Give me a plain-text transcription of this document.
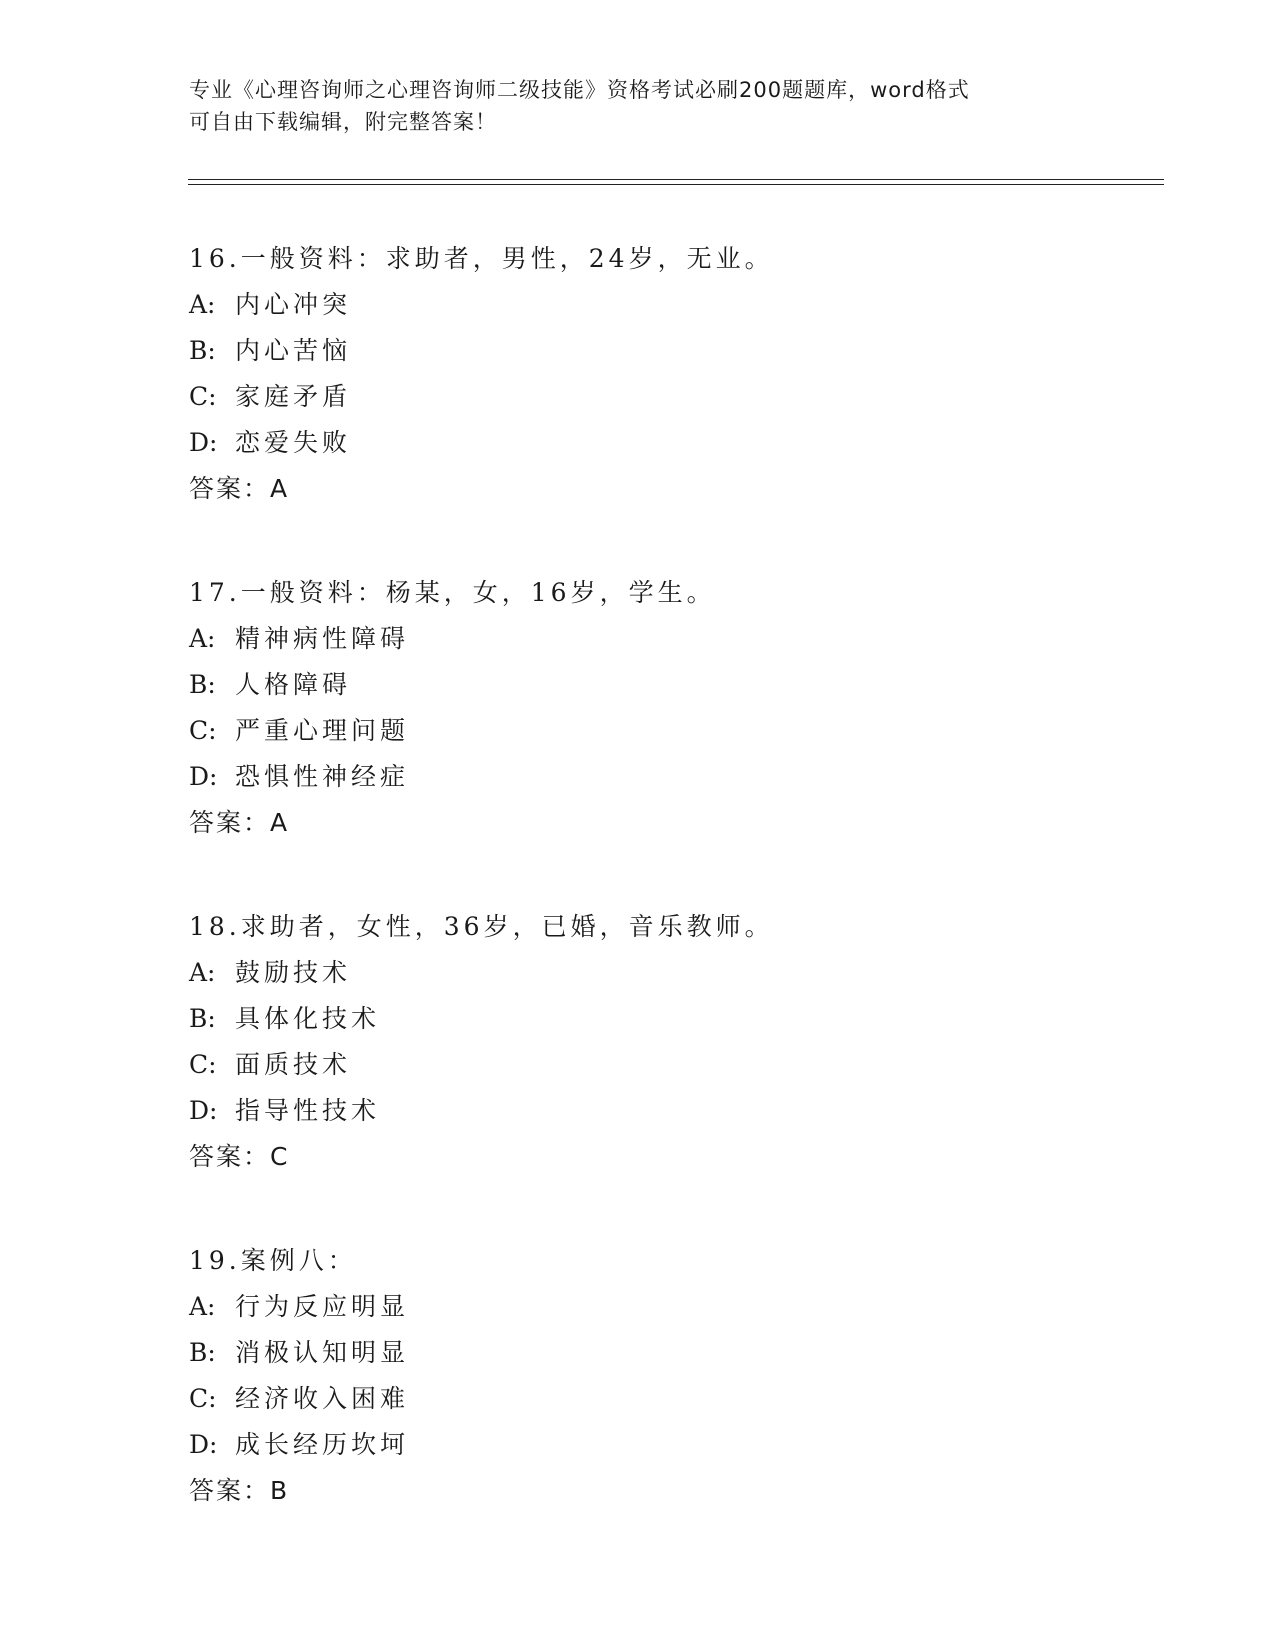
专业《心理咨询师之心理咨询师二级技能》资格考试必刷200题题库，word格式
可自由下载编辑，附完整答案！
16.一般资料：求助者，男性，24岁，无业。
A: 内心冲突
B: 内心苦恼
C: 家庭矛盾
D: 恋爱失败
答案：A
17.一般资料：杨某，女，16岁，学生。
A: 精神病性障碍
B: 人格障碍
C: 严重心理问题
D: 恐惧性神经症
答案：A
18.求助者，女性，36岁，已婚，音乐教师。
A: 鼓励技术
B: 具体化技术
C: 面质技术
D: 指导性技术
答案：C
19.案例八：
A: 行为反应明显
B: 消极认知明显
C: 经济收入困难
D: 成长经历坎坷
答案：B
